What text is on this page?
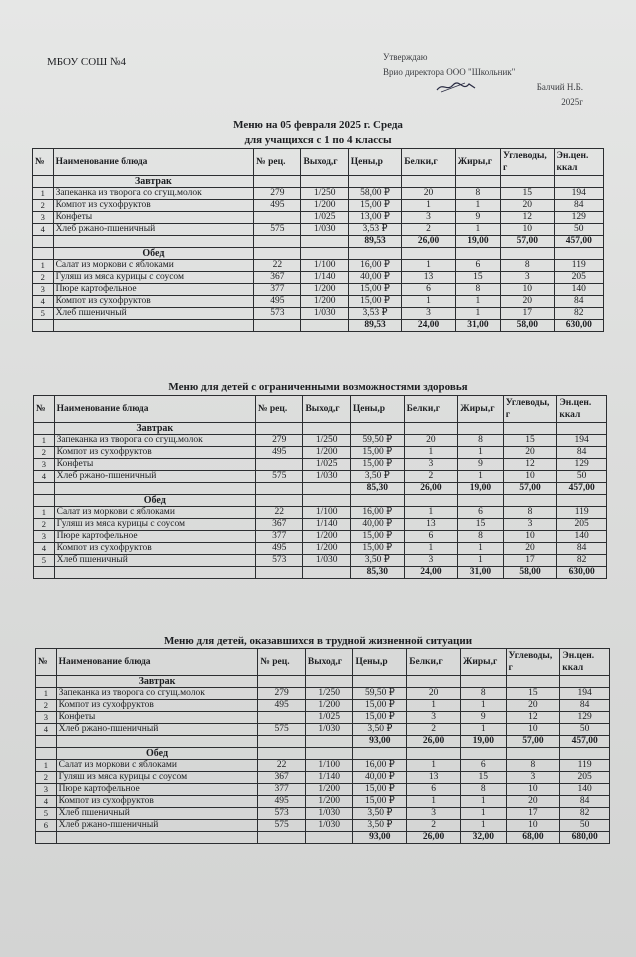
МБОУ СОШ №4	Утверждаю
Врио директора ООО "Школьник"
Балчий Н.Б.
2025г
Меню на 05 февраля 2025 г. Среда
для учащихся с 1 по 4 классы
Меню для детей с ограниченными возможностями здоровья
Меню для детей, оказавшихся в трудной жизненной ситуации
№	Наименование блюда	№ рец.	Выход,г	Цены,р	Белки,г	Жиры,г	Углеводы, г	Эн.цен. ккал
	Завтрак							
1	Запеканка из творога со сгущ.молок	279	1/250	58,00 ₽	20	8	15	194
2	Компот из сухофруктов	495	1/200	15,00 ₽	1	1	20	84
3	Конфеты		1/025	13,00 ₽	3	9	12	129
4	Хлеб ржано-пшеничный	575	1/030	3,53 ₽	2	1	10	50
				89,53	26,00	19,00	57,00	457,00
	Обед							
1	Салат из моркови с яблоками	22	1/100	16,00 ₽	1	6	8	119
2	Гуляш из мяса курицы с соусом	367	1/140	40,00 ₽	13	15	3	205
3	Пюре картофельное	377	1/200	15,00 ₽	6	8	10	140
4	Компот из сухофруктов	495	1/200	15,00 ₽	1	1	20	84
5	Хлеб пшеничный	573	1/030	3,53 ₽	3	1	17	82
				89,53	24,00	31,00	58,00	630,00
№	Наименование блюда	№ рец.	Выход,г	Цены,р	Белки,г	Жиры,г	Углеводы, г	Эн.цен. ккал
	Завтрак							
1	Запеканка из творога со сгущ.молок	279	1/250	59,50 ₽	20	8	15	194
2	Компот из сухофруктов	495	1/200	15,00 ₽	1	1	20	84
3	Конфеты		1/025	15,00 ₽	3	9	12	129
4	Хлеб ржано-пшеничный	575	1/030	3,50 ₽	2	1	10	50
				85,30	26,00	19,00	57,00	457,00
	Обед							
1	Салат из моркови с яблоками	22	1/100	16,00 ₽	1	6	8	119
2	Гуляш из мяса курицы с соусом	367	1/140	40,00 ₽	13	15	3	205
3	Пюре картофельное	377	1/200	15,00 ₽	6	8	10	140
4	Компот из сухофруктов	495	1/200	15,00 ₽	1	1	20	84
5	Хлеб пшеничный	573	1/030	3,50 ₽	3	1	17	82
				85,30	24,00	31,00	58,00	630,00
№	Наименование блюда	№ рец.	Выход,г	Цены,р	Белки,г	Жиры,г	Углеводы, г	Эн.цен. ккал
	Завтрак							
1	Запеканка из творога со сгущ.молок	279	1/250	59,50 ₽	20	8	15	194
2	Компот из сухофруктов	495	1/200	15,00 ₽	1	1	20	84
3	Конфеты		1/025	15,00 ₽	3	9	12	129
4	Хлеб ржано-пшеничный	575	1/030	3,50 ₽	2	1	10	50
				93,00	26,00	19,00	57,00	457,00
	Обед							
1	Салат из моркови с яблоками	22	1/100	16,00 ₽	1	6	8	119
2	Гуляш из мяса курицы с соусом	367	1/140	40,00 ₽	13	15	3	205
3	Пюре картофельное	377	1/200	15,00 ₽	6	8	10	140
4	Компот из сухофруктов	495	1/200	15,00 ₽	1	1	20	84
5	Хлеб пшеничный	573	1/030	3,50 ₽	3	1	17	82
6	Хлеб ржано-пшеничный	575	1/030	3,50 ₽	2	1	10	50
				93,00	26,00	32,00	68,00	680,00
